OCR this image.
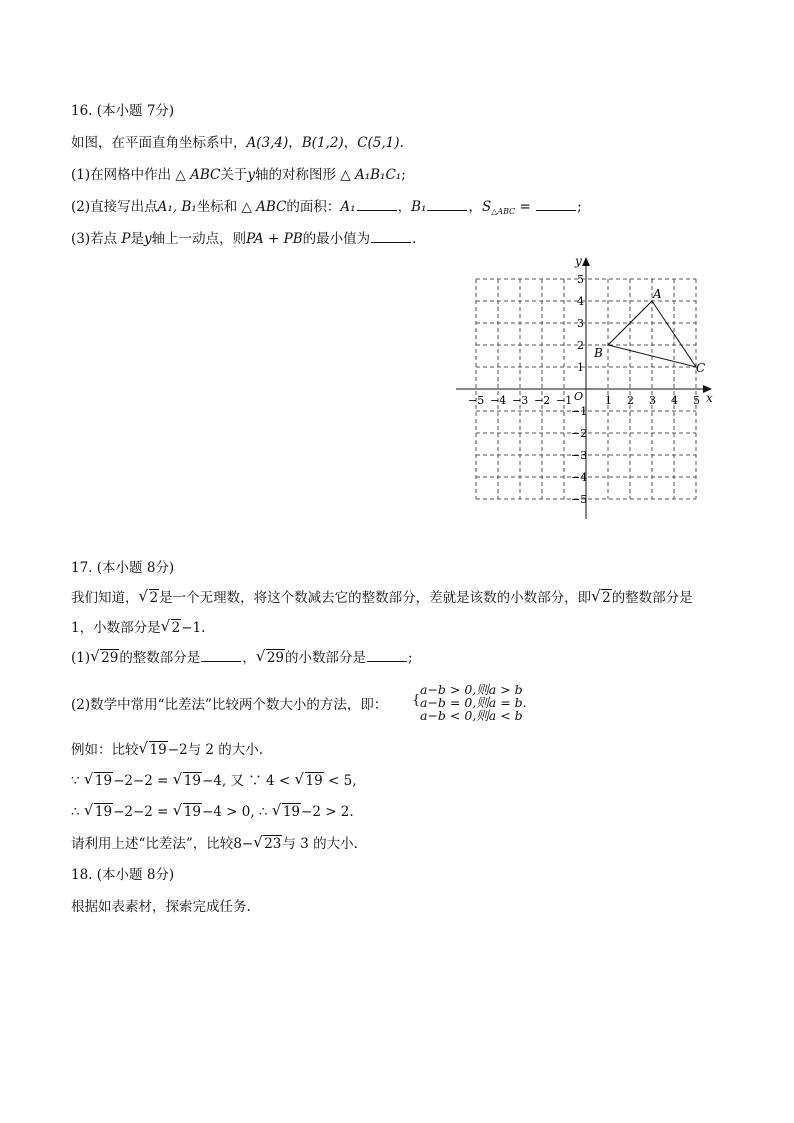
16. (本小题 7分)
如图，在平面直角坐标系中，A(3,4)，B(1,2)，C(5,1).
(1)在网格中作出 △ ABC关于y轴的对称图形 △ A₁B₁C₁;
(2)直接写出点A₁, B₁坐标和 △ ABC的面积：A₁	，B₁	，$S_{\triangle ABC}$ =	;
(3)若点 P是y轴上一动点，则PA + PB的最小值为	.
x
y
O
−5
−5
−4
−4
−3
−3
−2
−2
−1
−1
1
1
2
2
3
3
4
4
5
5
A
B
C
17. (本小题 8分)
我们知道， √ 2是一个无理数，将这个数减去它的整数部分，差就是该数的小数部分，即 √ 2的整数部分是
1，小数部分是 √ 2−1.
(1) √ 29的整数部分是	， √ 29的小数部分是	;
(2)数学中常用“比差法”比较两个数大小的方法，即： {
a−b > 0,则a > b
a−b = 0,则a = b.
a−b < 0,则a < b
例如：比较 √ 19−2与 2 的大小.
∵ √ 19−2−2 = √ 19−4, 又 ∵ 4 < √ 19 < 5,
∴ √ 19−2−2 = √ 19−4 > 0, ∴ √ 19−2 > 2.
请利用上述“比差法”，比较8− √ 23与 3 的大小.
18. (本小题 8分)
根据如表素材，探索完成任务.
